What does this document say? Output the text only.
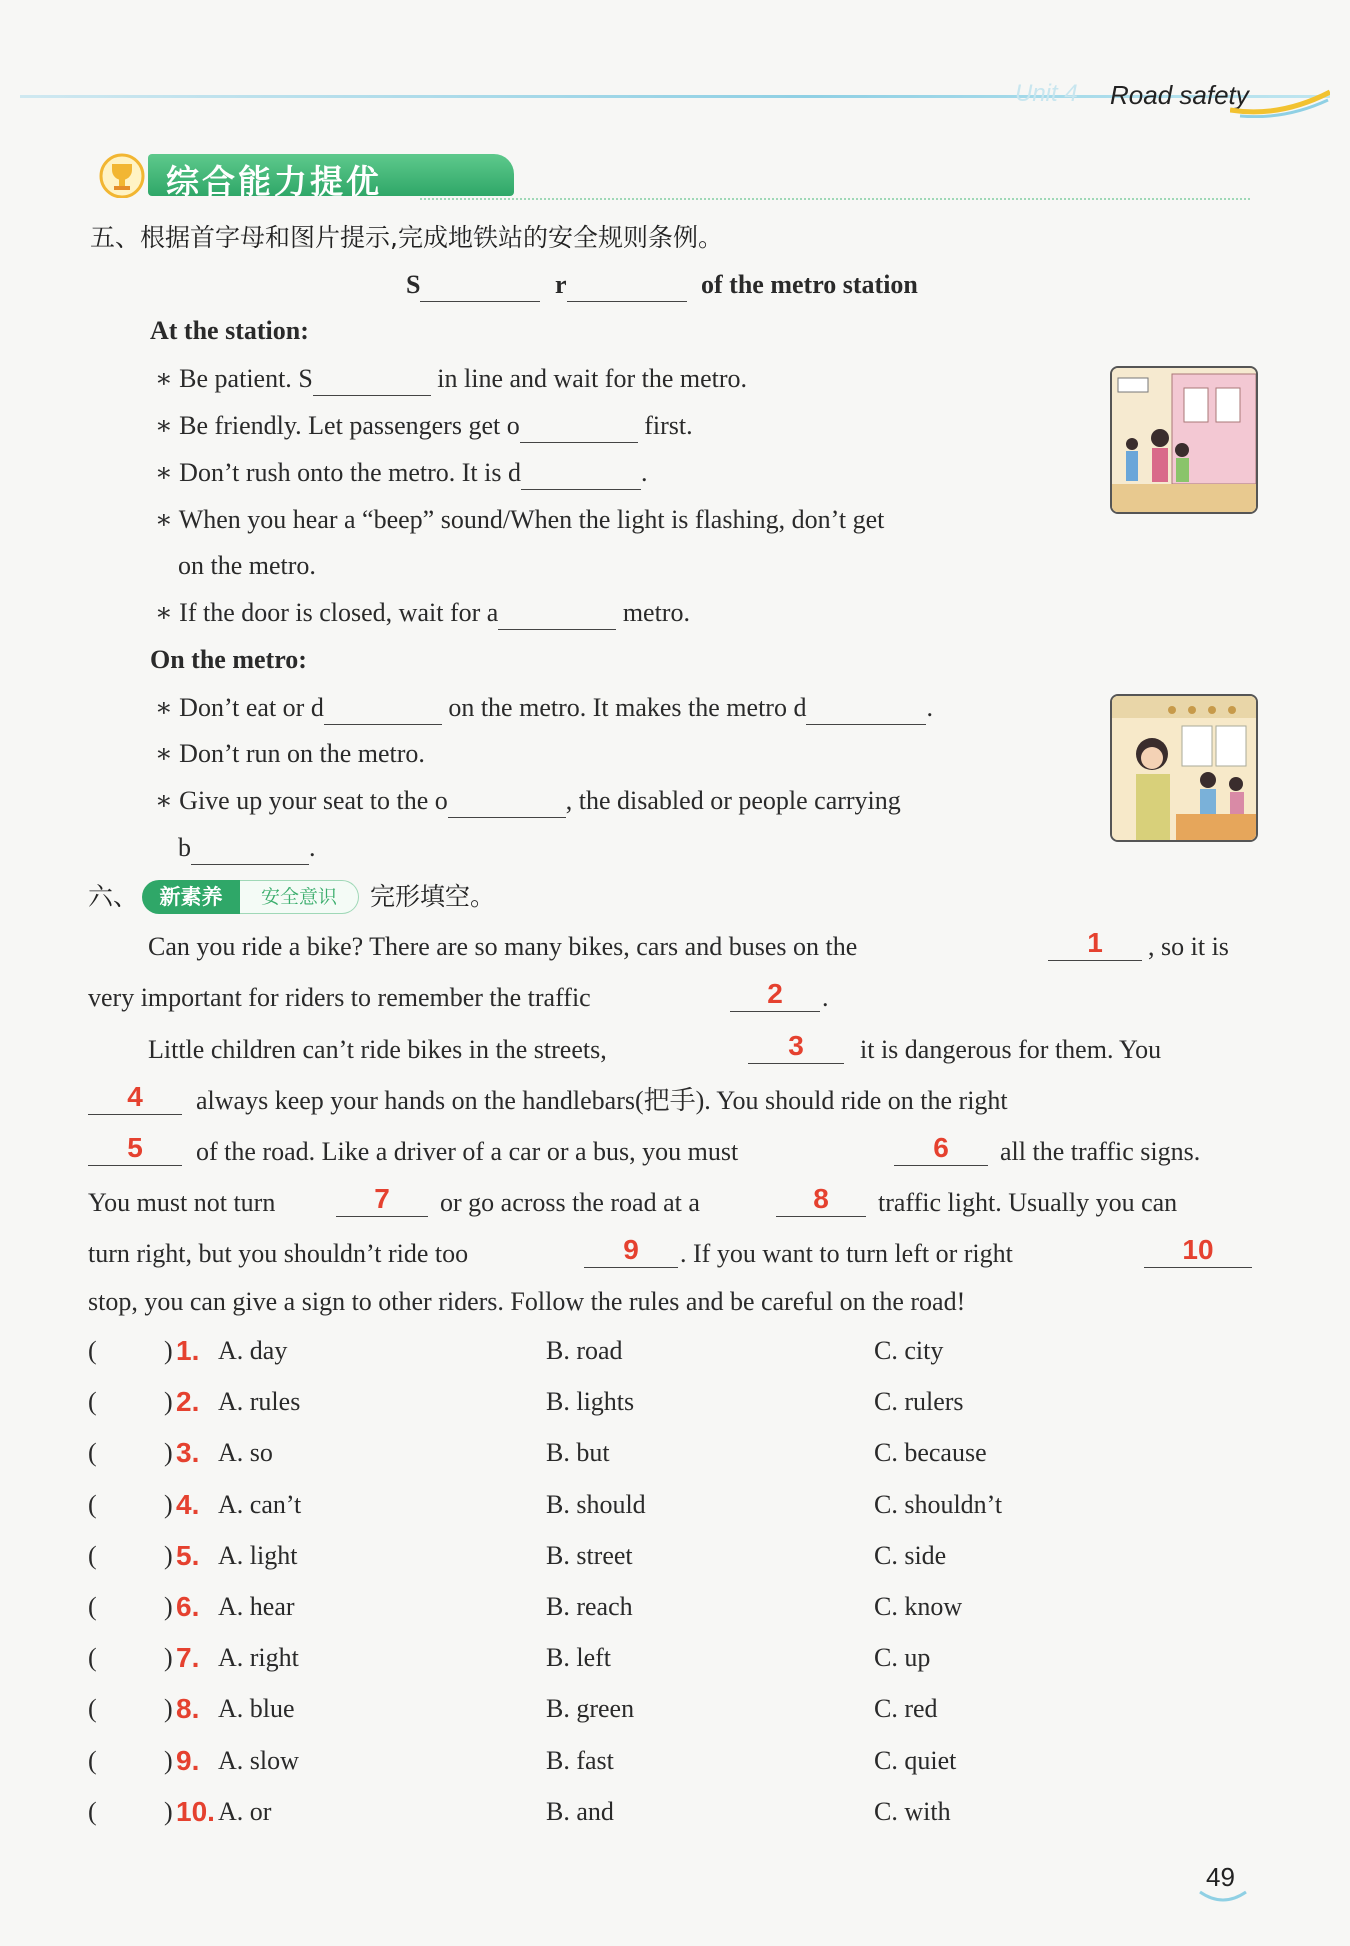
Unit 4 Road safety
综合能力提优
五、根据首字母和图片提示,完成地铁站的安全规则条例。
S	r	of the metro station
At the station:
∗ Be patient. S	in line and wait for the metro.
∗ Be friendly. Let passengers get o	first.
∗ Don’t rush onto the metro. It is d	.
∗ When you hear a “beep” sound/When the light is flashing, don’t get
on the metro.
∗ If the door is closed, wait for a	metro.
On the metro:
∗ Don’t eat or d	on the metro. It makes the metro d	.
∗ Don’t run on the metro.
∗ Give up your seat to the o	, the disabled or people carrying
b	.
六、	新素养	安全意识	完形填空。
Can you ride a bike? There are so many bikes, cars and buses on the	1	, so it is
very important for riders to remember the traffic	2	.
Little children can’t ride bikes in the streets,	3	it is dangerous for them. You
4	always keep your hands on the handlebars(把手). You should ride on the right
5	of the road. Like a driver of a car or a bus, you must	6	all the traffic signs.
You must not turn	7	or go across the road at a	8	traffic light. Usually you can
turn right, but you shouldn’t ride too	9	. If you want to turn left or right	10
stop, you can give a sign to other riders. Follow the rules and be careful on the road!
(	) 1. A. day	B. road	C. city
(	) 2. A. rules	B. lights	C. rulers
(	) 3. A. so	B. but	C. because
(	) 4. A. can’t	B. should	C. shouldn’t
(	) 5. A. light	B. street	C. side
(	) 6. A. hear	B. reach	C. know
(	) 7. A. right	B. left	C. up
(	) 8. A. blue	B. green	C. red
(	) 9. A. slow	B. fast	C. quiet
(	) 10. A. or	B. and	C. with
49
